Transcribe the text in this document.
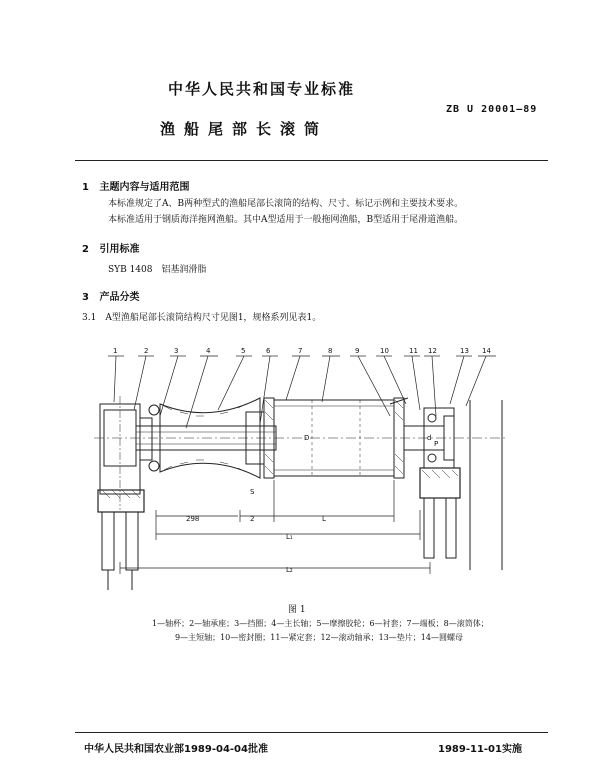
中华人民共和国专业标准
ZB U 20001—89
渔船尾部长滚筒
1 主题内容与适用范围
本标准规定了A、B两种型式的渔船尾部长滚筒的结构、尺寸、标记示例和主要技术要求。
本标准适用于钢质海洋拖网渔船。其中A型适用于一般拖网渔船，B型适用于尾滑道渔船。
2 引用标准
SYB 1408　铝基润滑脂
3 产品分类
3.1　A型渔船尾部长滚筒结构尺寸见图1，规格系列见表1。
1	2	3	4	5	6	7	8	9	10	11 12	13 14
D	d
P
S
298	2	L
L₁
L₂
图 1
1—轴杯；2—轴承座；3—挡圈；4—主长轴；5—摩擦胶轮；6—衬套；7—端板；8—滚筒体；
9—主短轴；10—密封圈；11—紧定套；12—滚动轴承；13—垫片；14—圆螺母
中华人民共和国农业部1989-04-04批准	1989-11-01实施
